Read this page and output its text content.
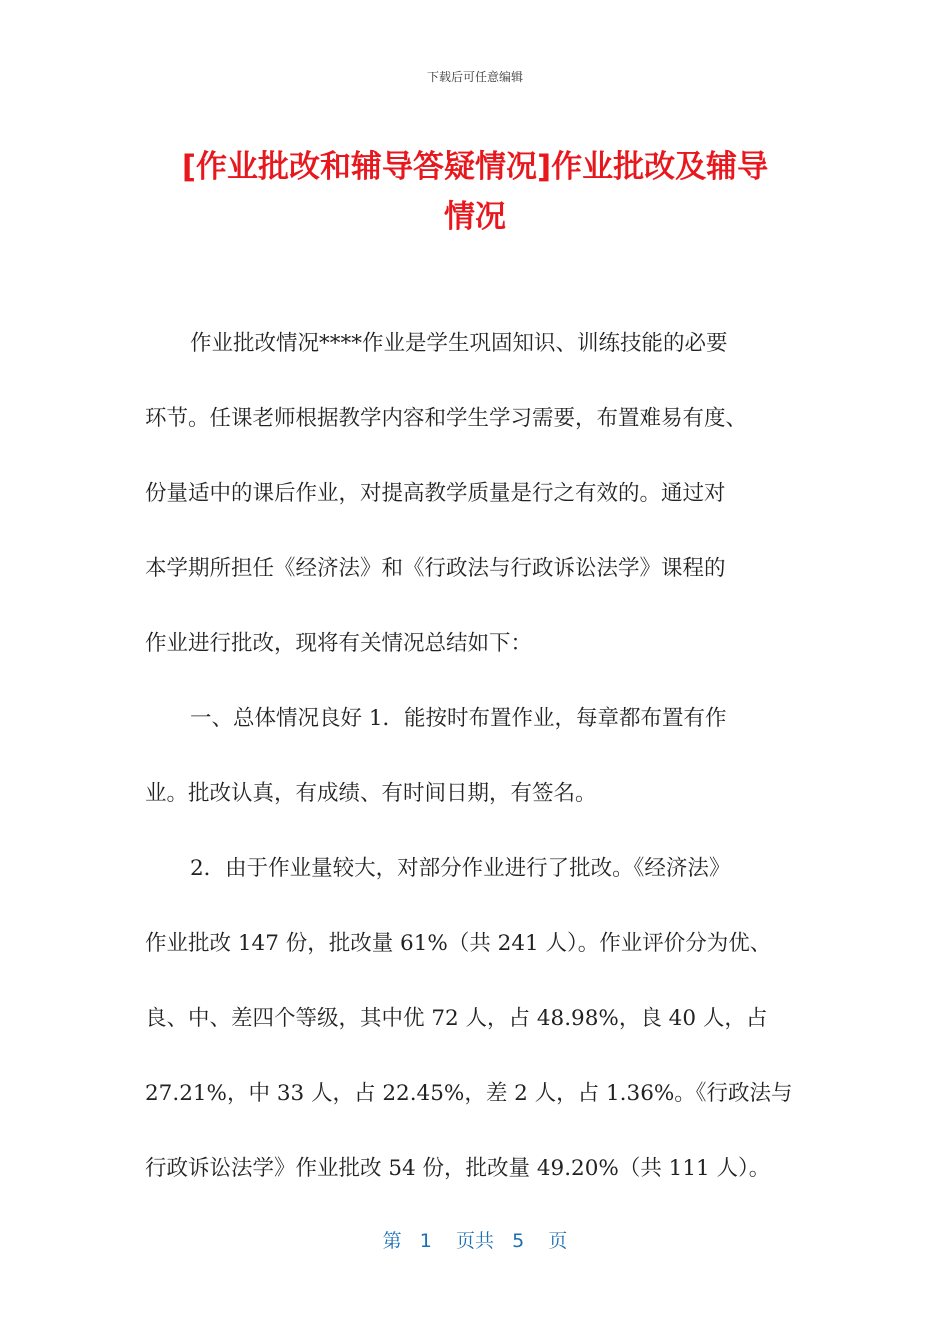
下载后可任意编辑
[作业批改和辅导答疑情况]作业批改及辅导
情况
作业批改情况****作业是学生巩固知识、训练技能的必要
环节。任课老师根据教学内容和学生学习需要，布置难易有度、
份量适中的课后作业，对提高教学质量是行之有效的。通过对
本学期所担任《经济法》和《行政法与行政诉讼法学》课程的
作业进行批改，现将有关情况总结如下：
一、总体情况良好 1．能按时布置作业，每章都布置有作
业。批改认真，有成绩、有时间日期，有签名。
2．由于作业量较大，对部分作业进行了批改。《经济法》
作业批改 147 份，批改量 61%（共 241 人）。作业评价分为优、
良、中、差四个等级，其中优 72 人，占 48.98%，良 40 人，占
27.21%，中 33 人，占 22.45%，差 2 人，占 1.36%。《行政法与
行政诉讼法学》作业批改 54 份，批改量 49.20%（共 111 人）。
第 1 页共 5 页
